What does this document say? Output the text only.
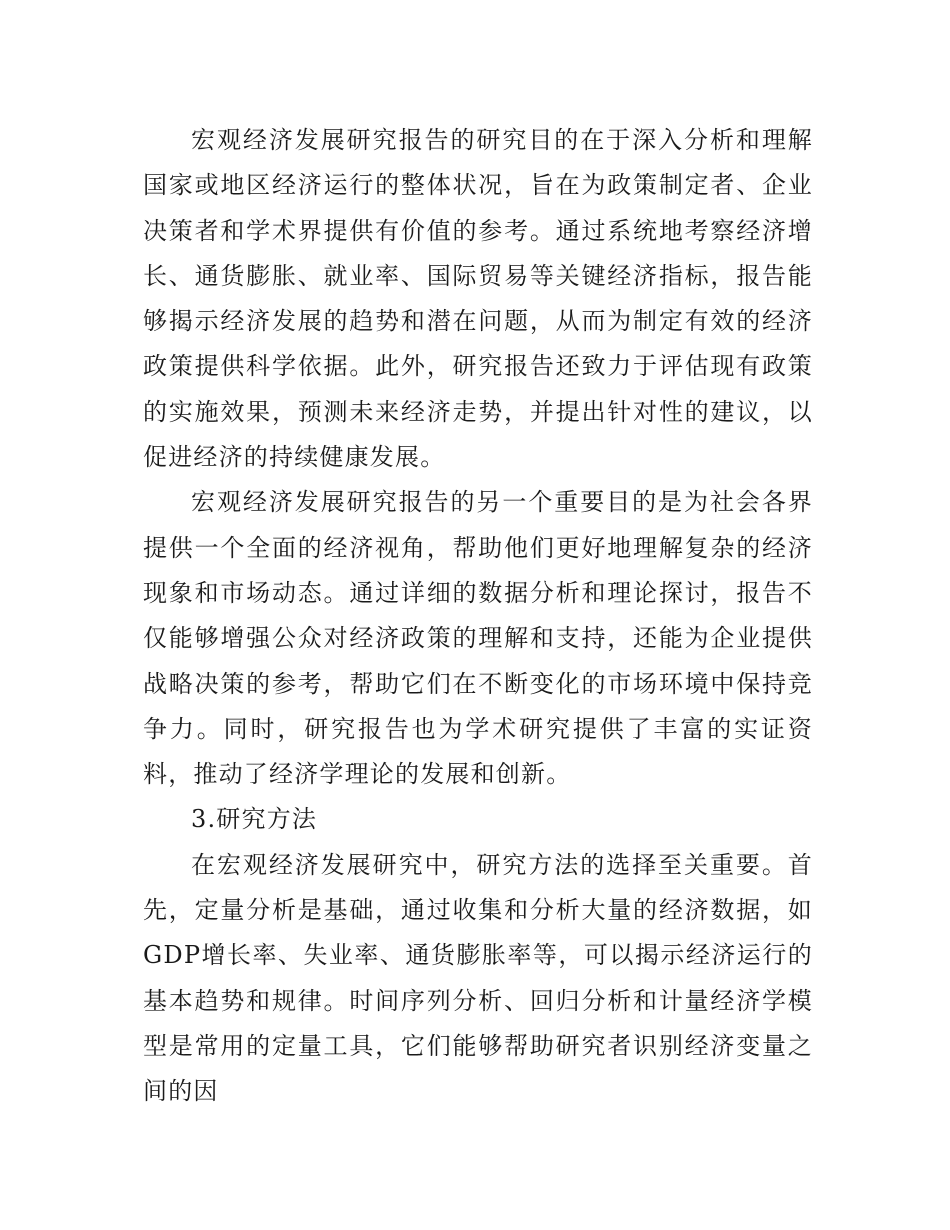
宏观经济发展研究报告的研究目的在于深入分析和理解国家或地区经济运行的整体状况，旨在为政策制定者、企业决策者和学术界提供有价值的参考。通过系统地考察经济增长、通货膨胀、就业率、国际贸易等关键经济指标，报告能够揭示经济发展的趋势和潜在问题，从而为制定有效的经济政策提供科学依据。此外，研究报告还致力于评估现有政策的实施效果，预测未来经济走势，并提出针对性的建议，以促进经济的持续健康发展。

宏观经济发展研究报告的另一个重要目的是为社会各界提供一个全面的经济视角，帮助他们更好地理解复杂的经济现象和市场动态。通过详细的数据分析和理论探讨，报告不仅能够增强公众对经济政策的理解和支持，还能为企业提供战略决策的参考，帮助它们在不断变化的市场环境中保持竞争力。同时，研究报告也为学术研究提供了丰富的实证资料，推动了经济学理论的发展和创新。

3.研究方法

在宏观经济发展研究中，研究方法的选择至关重要。首先，定量分析是基础，通过收集和分析大量的经济数据，如GDP增长率、失业率、通货膨胀率等，可以揭示经济运行的基本趋势和规律。时间序列分析、回归分析和计量经济学模型是常用的定量工具，它们能够帮助研究者识别经济变量之间的因
